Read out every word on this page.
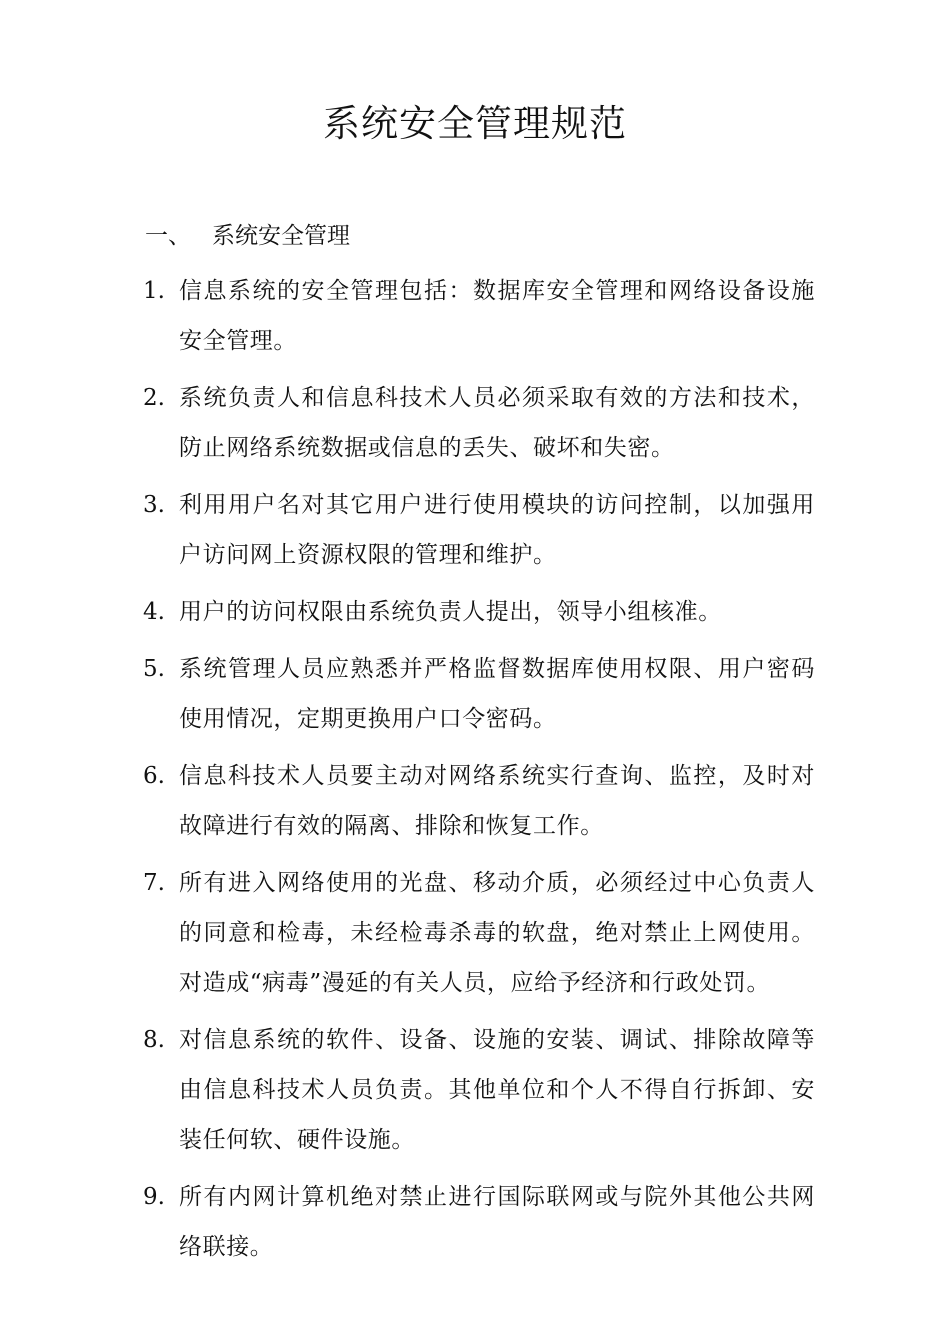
系统安全管理规范
一、 系统安全管理
1. 信息系统的安全管理包括：数据库安全管理和网络设备设施安全管理。
2. 系统负责人和信息科技术人员必须采取有效的方法和技术，防止网络系统数据或信息的丢失、破坏和失密。
3. 利用用户名对其它用户进行使用模块的访问控制，以加强用户访问网上资源权限的管理和维护。
4. 用户的访问权限由系统负责人提出，领导小组核准。
5. 系统管理人员应熟悉并严格监督数据库使用权限、用户密码使用情况，定期更换用户口令密码。
6. 信息科技术人员要主动对网络系统实行查询、监控，及时对故障进行有效的隔离、排除和恢复工作。
7. 所有进入网络使用的光盘、移动介质，必须经过中心负责人的同意和检毒，未经检毒杀毒的软盘，绝对禁止上网使用。对造成“病毒”漫延的有关人员，应给予经济和行政处罚。
8. 对信息系统的软件、设备、设施的安装、调试、排除故障等由信息科技术人员负责。其他单位和个人不得自行拆卸、安装任何软、硬件设施。
9. 所有内网计算机绝对禁止进行国际联网或与院外其他公共网络联接。
